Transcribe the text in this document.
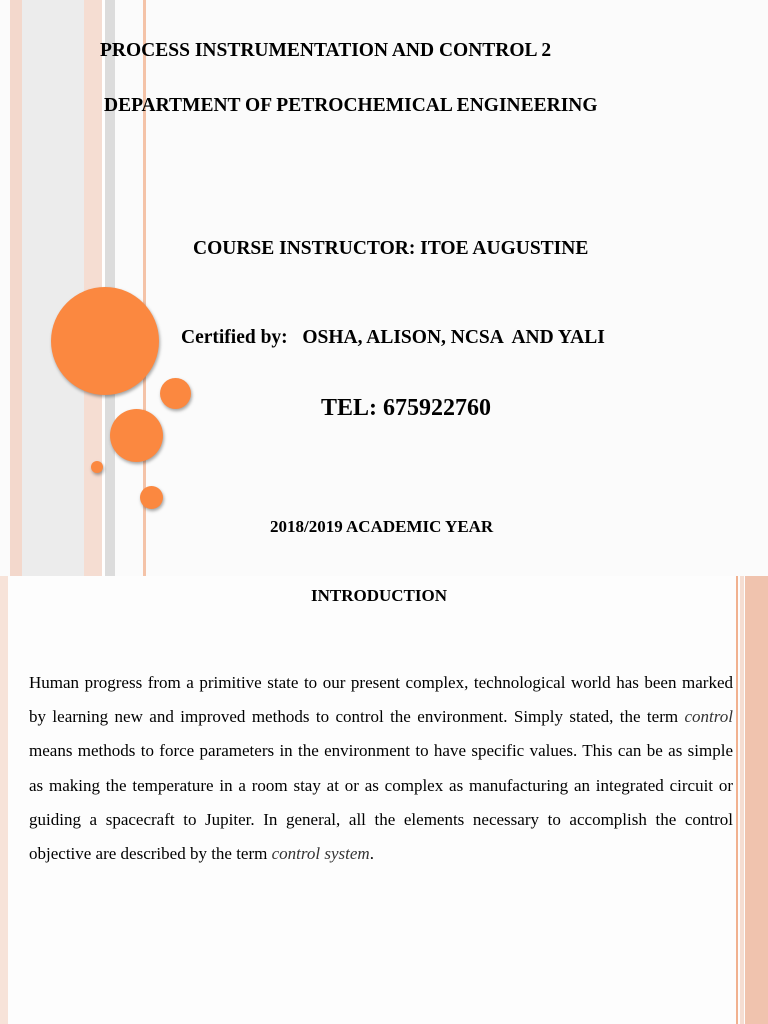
PROCESS INSTRUMENTATION AND CONTROL 2
DEPARTMENT OF PETROCHEMICAL ENGINEERING
COURSE INSTRUCTOR: ITOE AUGUSTINE
Certified by: OSHA, ALISON, NCSA  AND YALI
TEL: 675922760
2018/2019 ACADEMIC YEAR
INTRODUCTION
Human progress from a primitive state to our present complex, technological world has been marked by learning new and improved methods to control the environment. Simply stated, the term control means methods to force parameters in the environment to have specific values. This can be as simple as making the temperature in a room stay at or as complex as manufacturing an integrated circuit or guiding a spacecraft to Jupiter. In general, all the elements necessary to accomplish the control objective are described by the term control system.
